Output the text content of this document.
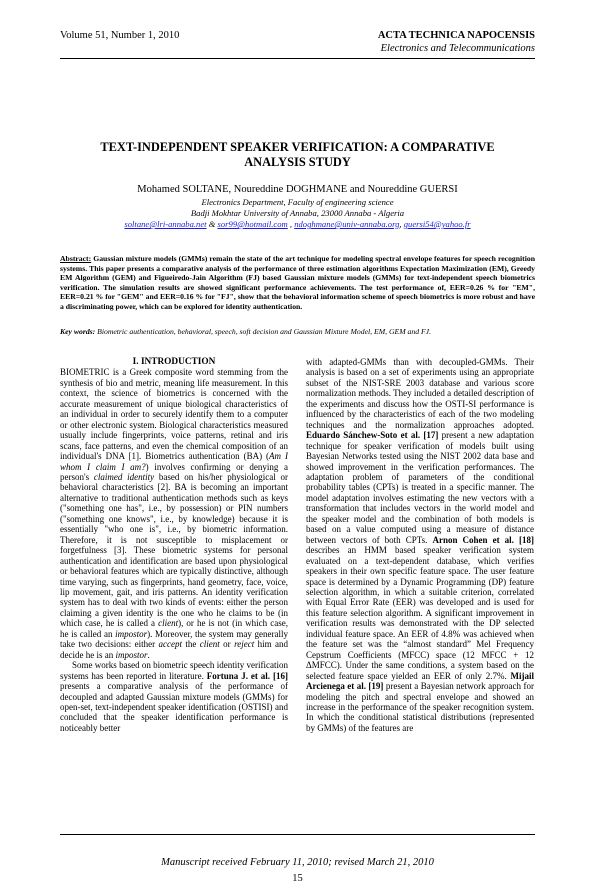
Volume 51, Number 1, 2010	ACTA TECHNICA NAPOCENSIS
Electronics and Telecommunications
TEXT-INDEPENDENT SPEAKER VERIFICATION: A COMPARATIVE
ANALYSIS STUDY
Mohamed SOLTANE, Noureddine DOGHMANE and Noureddine GUERSI
Electronics Department, Faculty of engineering science
Badji Mokhtar University of Annaba, 23000 Annaba - Algeria
soltane@lri-annaba.net & sor99@hotmail.com , ndoghmane@univ-annaba.org, guersi54@yahoo.fr
Abstract: Gaussian mixture models (GMMs) remain the state of the art technique for modeling spectral envelope features for speech recognition systems. This paper presents a comparative analysis of the performance of three estimation algorithms Expectation Maximization (EM), Greedy EM Algorithm (GEM) and Figueiredo-Jain Algorithm (FJ) based Gaussian mixture models (GMMs) for text-independent speech biometrics verification. The simulation results are showed significant performance achievements. The test performance of, EER=0.26 % for "EM", EER=0.21 % for "GEM" and EER=0.16 % for "FJ", show that the behavioral information scheme of speech biometrics is more robust and have a discriminating power, which can be explored for identity authentication.
Key words: Biometric authentication, behavioral, speech, soft decision and Gaussian Mixture Model, EM, GEM and FJ.

I. INTRODUCTION

BIOMETRIC is a Greek composite word stemming from the synthesis of bio and metric, meaning life measurement. In this context, the science of biometrics is concerned with the accurate measurement of unique biological characteristics of an individual in order to securely identify them to a computer or other electronic system. Biological characteristics measured usually include fingerprints, voice patterns, retinal and iris scans, face patterns, and even the chemical composition of an individual's DNA [1]. Biometrics authentication (BA) (Am I whom I claim I am?) involves confirming or denying a person's claimed identity based on his/her physiological or behavioral characteristics [2]. BA is becoming an important alternative to traditional authentication methods such as keys ("something one has", i.e., by possession) or PIN numbers ("something one knows", i.e., by knowledge) because it is essentially "who one is", i.e., by biometric information. Therefore, it is not susceptible to misplacement or forgetfulness [3]. These biometric systems for personal authentication and identification are based upon physiological or behavioral features which are typically distinctive, although time varying, such as fingerprints, hand geometry, face, voice, lip movement, gait, and iris patterns. An identity verification system has to deal with two kinds of events: either the person claiming a given identity is the one who he claims to be (in which case, he is called a client), or he is not (in which case, he is called an impostor). Moreover, the system may generally take two decisions: either accept the client or reject him and decide he is an impostor.

Some works based on biometric speech identity verification systems has been reported in literature. Fortuna J. et al. [16] presents a comparative analysis of the performance of decoupled and adapted Gaussian mixture models (GMMs) for open-set, text-independent speaker identification (OSTISI) and concluded that the speaker identification performance is noticeably better

with adapted-GMMs than with decoupled-GMMs. Their analysis is based on a set of experiments using an appropriate subset of the NIST-SRE 2003 database and various score normalization methods. They included a detailed description of the experiments and discuss how the OSTI-SI performance is influenced by the characteristics of each of the two modeling techniques and the normalization approaches adopted. Eduardo Sánchew-Soto et al. [17] present a new adaptation technique for speaker verification of models built using Bayesian Networks tested using the NIST 2002 data base and showed improvement in the verification performances. The adaptation problem of parameters of the conditional probability tables (CPTs) is treated in a specific manner. The model adaptation involves estimating the new vectors with a transformation that includes vectors in the world model and the speaker model and the combination of both models is based on a value computed using a measure of distance between vectors of both CPTs. Arnon Cohen et al. [18] describes an HMM based speaker verification system evaluated on a text-dependent database, which verifies speakers in their own specific feature space. The user feature space is determined by a Dynamic Programming (DP) feature selection algorithm, in which a suitable criterion, correlated with Equal Error Rate (EER) was developed and is used for this feature selection algorithm. A significant improvement in verification results was demonstrated with the DP selected individual feature space. An EER of 4.8% was achieved when the feature set was the “almost standard” Mel Frequency Cepstrum Coefficients (MFCC) space (12 MFCC + 12 ΔMFCC). Under the same conditions, a system based on the selected feature space yielded an EER of only 2.7%. Mijail Arcienega et al. [19] present a Bayesian network approach for modeling the pitch and spectral envelope and showed an increase in the performance of the speaker recognition system. In which the conditional statistical distributions (represented by GMMs) of the features are

Manuscript received February 11, 2010; revised March 21, 2010
15
